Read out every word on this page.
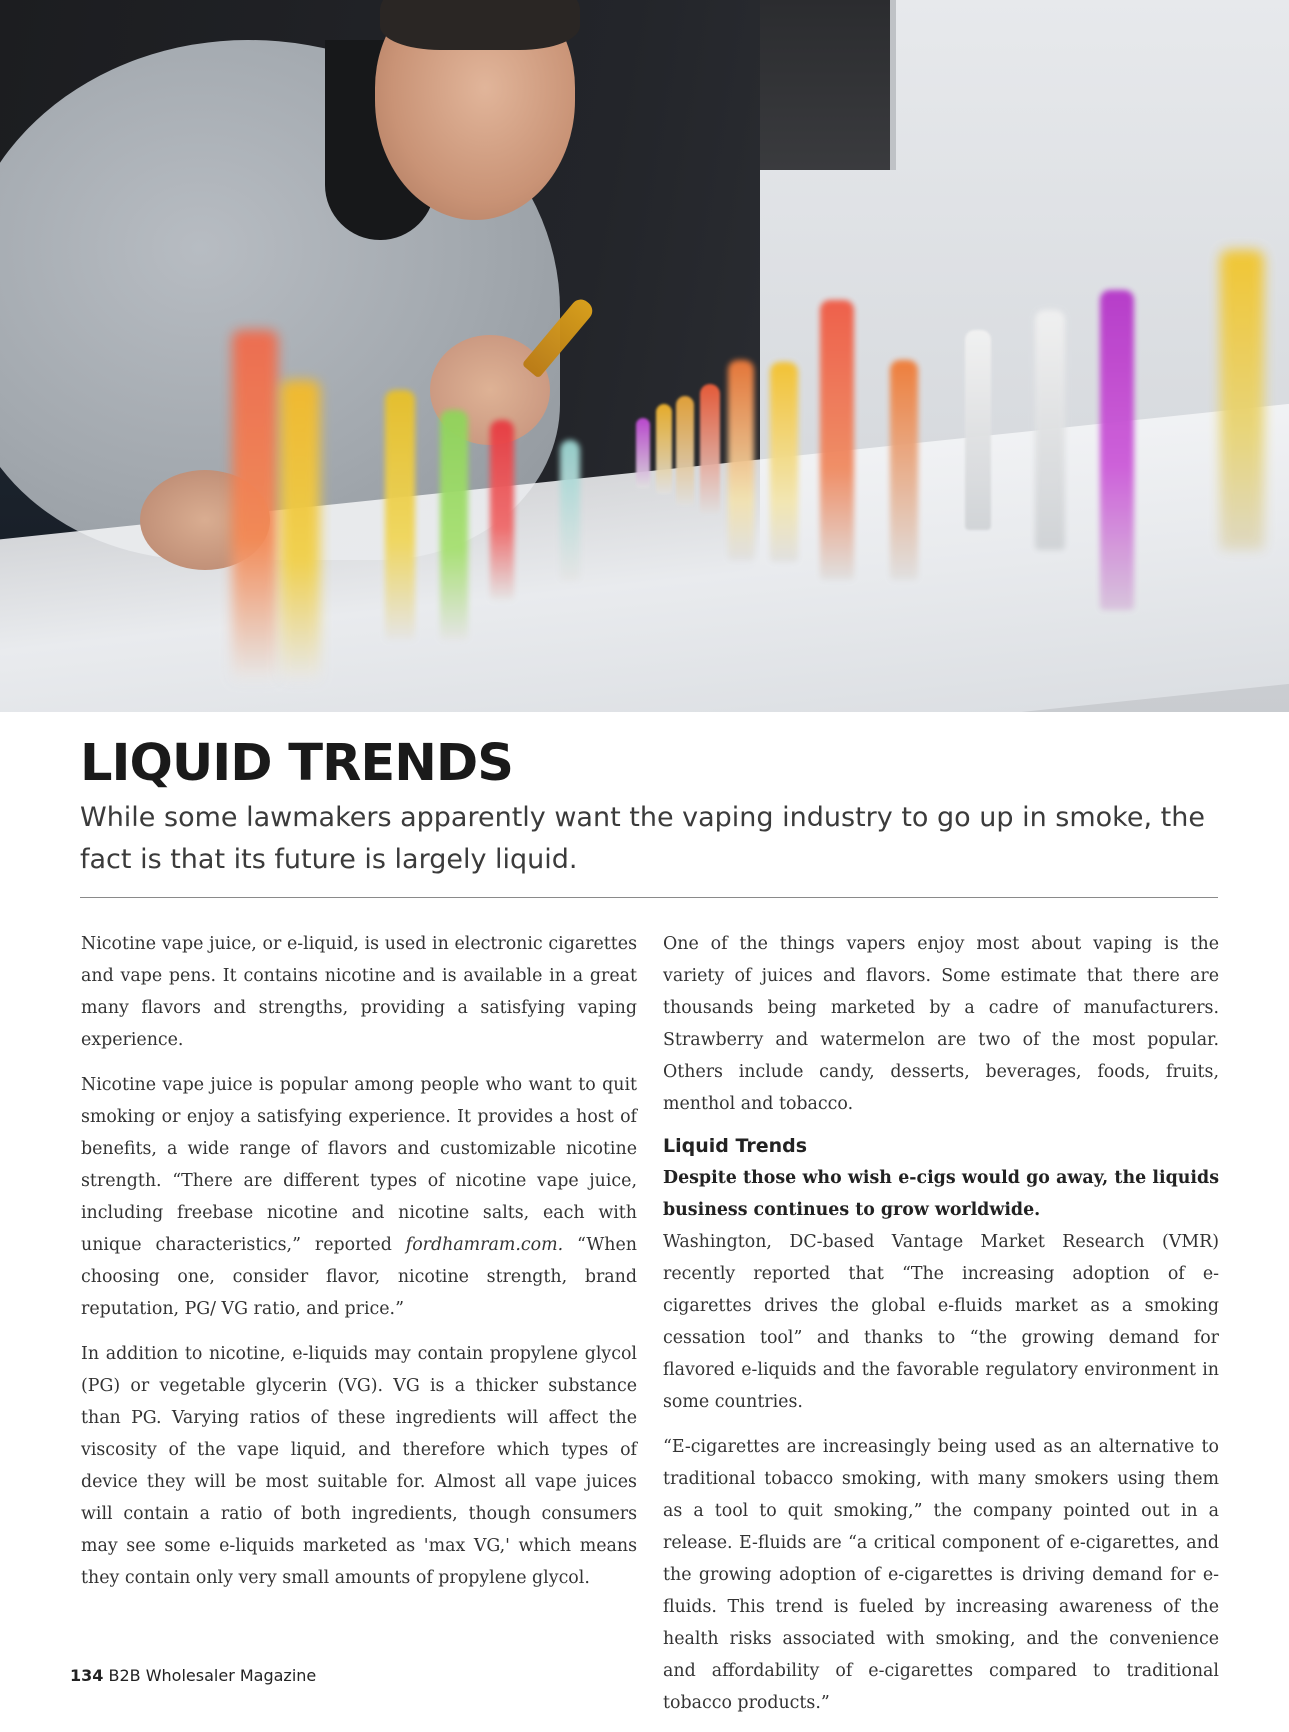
LIQUID TRENDS
While some lawmakers apparently want the vaping industry to go up in smoke, the fact is that its future is largely liquid.

Nicotine vape juice, or e-liquid, is used in electronic cigarettes and vape pens. It contains nicotine and is available in a great many flavors and strengths, providing a satisfying vaping experience.

Nicotine vape juice is popular among people who want to quit smoking or enjoy a satisfying experience. It provides a host of benefits, a wide range of flavors and customizable nicotine strength. “There are different types of nicotine vape juice, including freebase nicotine and nicotine salts, each with unique characteristics,” reported fordhamram.com. “When choosing one, consider flavor, nicotine strength, brand reputation, PG/ VG ratio, and price.”

In addition to nicotine, e-liquids may contain propylene glycol (PG) or vegetable glycerin (VG). VG is a thicker substance than PG. Varying ratios of these ingredients will affect the viscosity of the vape liquid, and therefore which types of device they will be most suitable for. Almost all vape juices will contain a ratio of both ingredients, though consumers may see some e-liquids marketed as 'max VG,' which means they contain only very small amounts of propylene glycol.

One of the things vapers enjoy most about vaping is the variety of juices and flavors. Some estimate that there are thousands being marketed by a cadre of manufacturers. Strawberry and watermelon are two of the most popular. Others include candy, desserts, beverages, foods, fruits, menthol and tobacco.

Liquid Trends

Despite those who wish e-cigs would go away, the liquids business continues to grow worldwide.

Washington, DC-based Vantage Market Research (VMR) recently reported that “The increasing adoption of e-cigarettes drives the global e-fluids market as a smoking cessation tool” and thanks to “the growing demand for flavored e-liquids and the favorable regulatory environment in some countries.

“E-cigarettes are increasingly being used as an alternative to traditional tobacco smoking, with many smokers using them as a tool to quit smoking,” the company pointed out in a release. E-fluids are “a critical component of e-cigarettes, and the growing adoption of e-cigarettes is driving demand for e-fluids. This trend is fueled by increasing awareness of the health risks associated with smoking, and the convenience and affordability of e-cigarettes compared to traditional tobacco products.”

134 B2B Wholesaler Magazine
